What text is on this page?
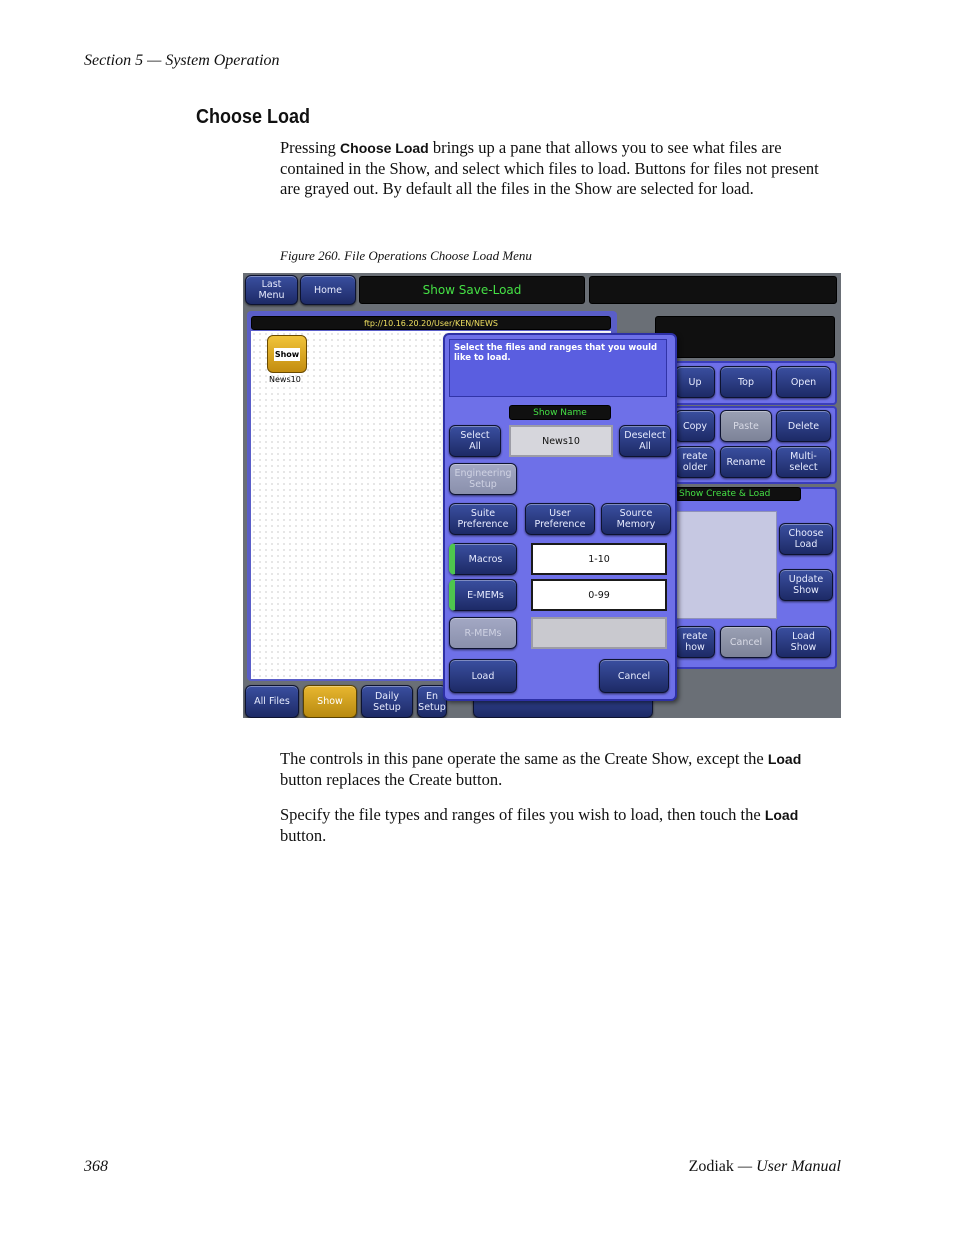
Section 5 — System Operation
Choose Load
Pressing Choose Load brings up a pane that allows you to see what files are contained in the Show, and select which files to load. Buttons for files not present are grayed out. By default all the files in the Show are selected for load.
Figure 260. File Operations Choose Load Menu
Last
Menu	Home	Show Save-Load
ftp://10.16.20.20/User/KEN/NEWS
Show
News10	Up	Top	Open
Copy	Paste	Delete
reate
older	Rename	Multi-
select
Show Create & Load
Choose
Load
Update
Show
reate
how	Cancel	Load
Show
All Files	Show	Daily
Setup
En
Setup
Select the files and ranges that you would like to load.
Show Name
Select
All	News10	Deselect
All
Engineering
Setup
Suite
Preference
User
Preference
Source
Memory
Macros	1-10
E-MEMs	0-99
R-MEMs
Load	Cancel
The controls in this pane operate the same as the Create Show, except the Load button replaces the Create button.
Specify the file types and ranges of files you wish to load, then touch the Load button.
368	Zodiak — User Manual
